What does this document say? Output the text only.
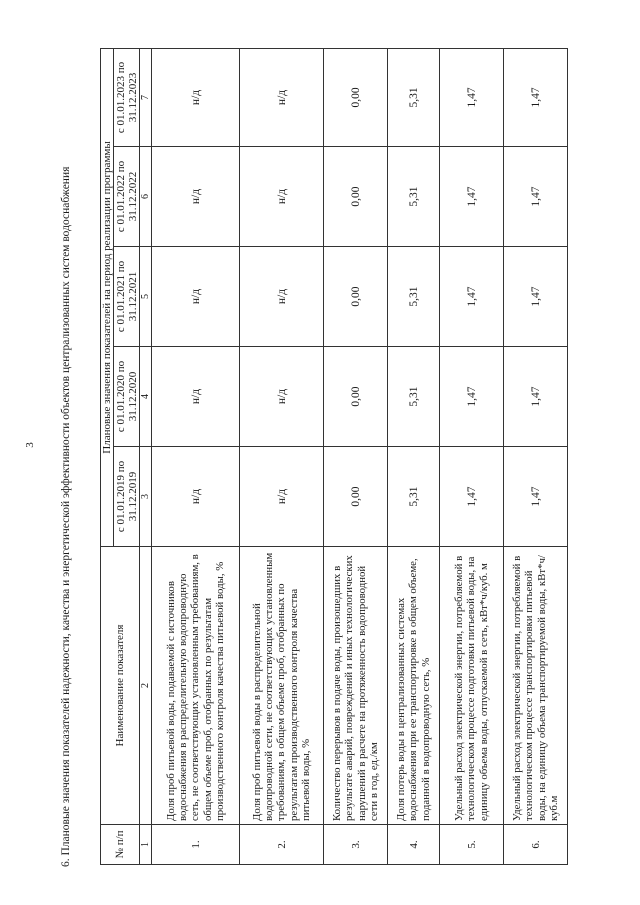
3 6. Плановые значения показателей надежности, качества и энергетической эффективности объектов централизованных систем водоснабжения	№ п/п	Наименование показателя	Плановые значения показателей на период реализации программы				
		с 01.01.2019 по 31.12.2019	с 01.01.2020 по 31.12.2020	с 01.01.2021 по 31.12.2021	с 01.01.2022 по 31.12.2022	с 01.01.2023 по 31.12.2023
1	2	3	4	5	6	7
1.	Доля проб питьевой воды, подаваемой с источников водоснабжения в распределительную водопроводную сеть, не соответствующих установленным требованиям, в общем объеме проб, отобранных по результатам производственного контроля качества питьевой воды, %	н/д	н/д	н/д	н/д	н/д
2.	Доля проб питьевой воды в распределительной водопроводной сети, не соответствующих установленным требованиям, в общем объеме проб, отобранных по результатам производственного контроля качества питьевой воды, %	н/д	н/д	н/д	н/д	н/д
3.	Количество перерывов в подаче воды, произошедших в результате аварий, повреждений и иных технологических нарушений в расчете на протяженность водопроводной сети в год, ед./км	0,00	0,00	0,00	0,00	0,00
4.	Доля потерь воды в централизованных системах водоснабжения при ее транспортировке в общем объеме, поданной в водопроводную сеть, %	5,31	5,31	5,31	5,31	5,31
5.	Удельный расход электрической энергии, потребляемой в технологическом процессе подготовки питьевой воды, на единицу объема воды, отпускаемой в сеть, кВт*ч/куб. м	1,47	1,47	1,47	1,47	1,47
6.	Удельный расход электрической энергии, потребляемой в технологическом процессе транспортировки питьевой воды, на единицу объема транспортируемой воды, кВт*ч/куб.м	1,47	1,47	1,47	1,47	1,47
